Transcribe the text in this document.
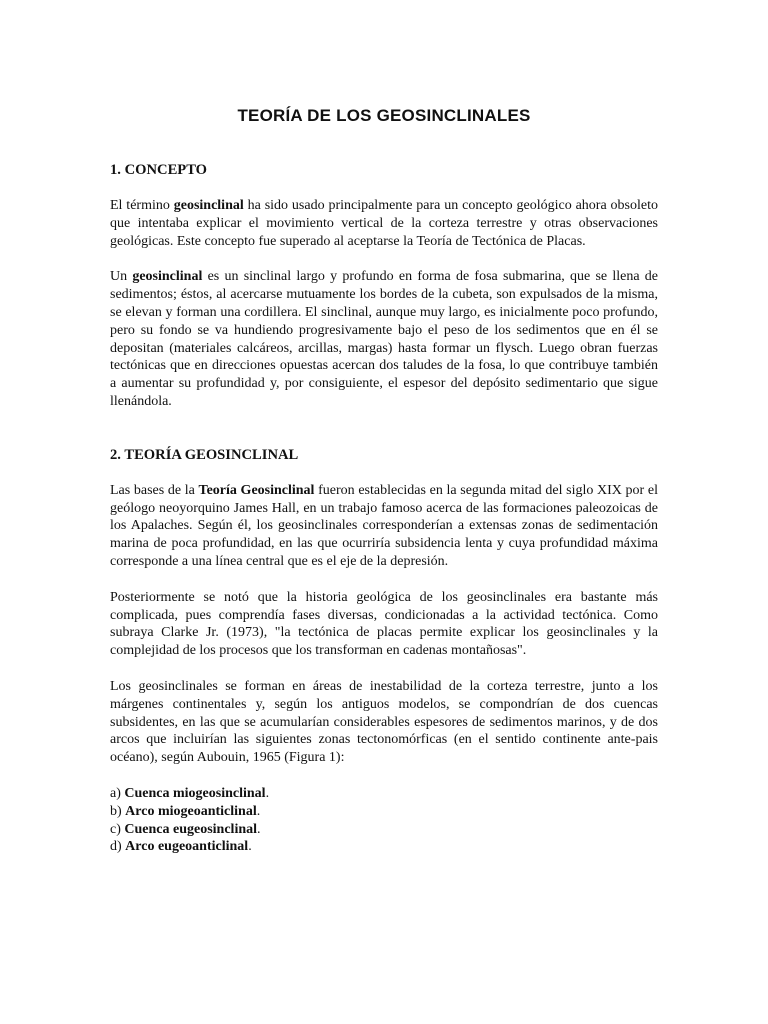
TEORÍA DE LOS GEOSINCLINALES
1. CONCEPTO

El término geosinclinal ha sido usado principalmente para un concepto geológico ahora obsoleto que intentaba explicar el movimiento vertical de la corteza terrestre y otras observaciones geológicas. Este concepto fue superado al aceptarse la Teoría de Tectónica de Placas.

Un geosinclinal es un sinclinal largo y profundo en forma de fosa submarina, que se llena de sedimentos; éstos, al acercarse mutuamente los bordes de la cubeta, son expulsados de la misma, se elevan y forman una cordillera. El sinclinal, aunque muy largo, es inicialmente poco profundo, pero su fondo se va hundiendo progresivamente bajo el peso de los sedimentos que en él se depositan (materiales calcáreos, arcillas, margas) hasta formar un flysch. Luego obran fuerzas tectónicas que en direcciones opuestas acercan dos taludes de la fosa, lo que contribuye también a aumentar su profundidad y, por consiguiente, el espesor del depósito sedimentario que sigue llenándola.

2. TEORÍA GEOSINCLINAL

Las bases de la Teoría Geosinclinal fueron establecidas en la segunda mitad del siglo XIX por el geólogo neoyorquino James Hall, en un trabajo famoso acerca de las formaciones paleozoicas de los Apalaches. Según él, los geosinclinales corresponderían a extensas zonas de sedimentación marina de poca profundidad, en las que ocurriría subsidencia lenta y cuya profundidad máxima corresponde a una línea central que es el eje de la depresión.

Posteriormente se notó que la historia geológica de los geosinclinales era bastante más complicada, pues comprendía fases diversas, condicionadas a la actividad tectónica. Como subraya Clarke Jr. (1973), "la tectónica de placas permite explicar los geosinclinales y la complejidad de los procesos que los transforman en cadenas montañosas".

Los geosinclinales se forman en áreas de inestabilidad de la corteza terrestre, junto a los márgenes continentales y, según los antiguos modelos, se compondrían de dos cuencas subsidentes, en las que se acumularían considerables espesores de sedimentos marinos, y de dos arcos que incluirían las siguientes zonas tectonomórficas (en el sentido continente ante-pais océano), según Aubouin, 1965 (Figura 1):

a) Cuenca miogeosinclinal.
b) Arco miogeoanticlinal.
c) Cuenca eugeosinclinal.
d) Arco eugeoanticlinal.
